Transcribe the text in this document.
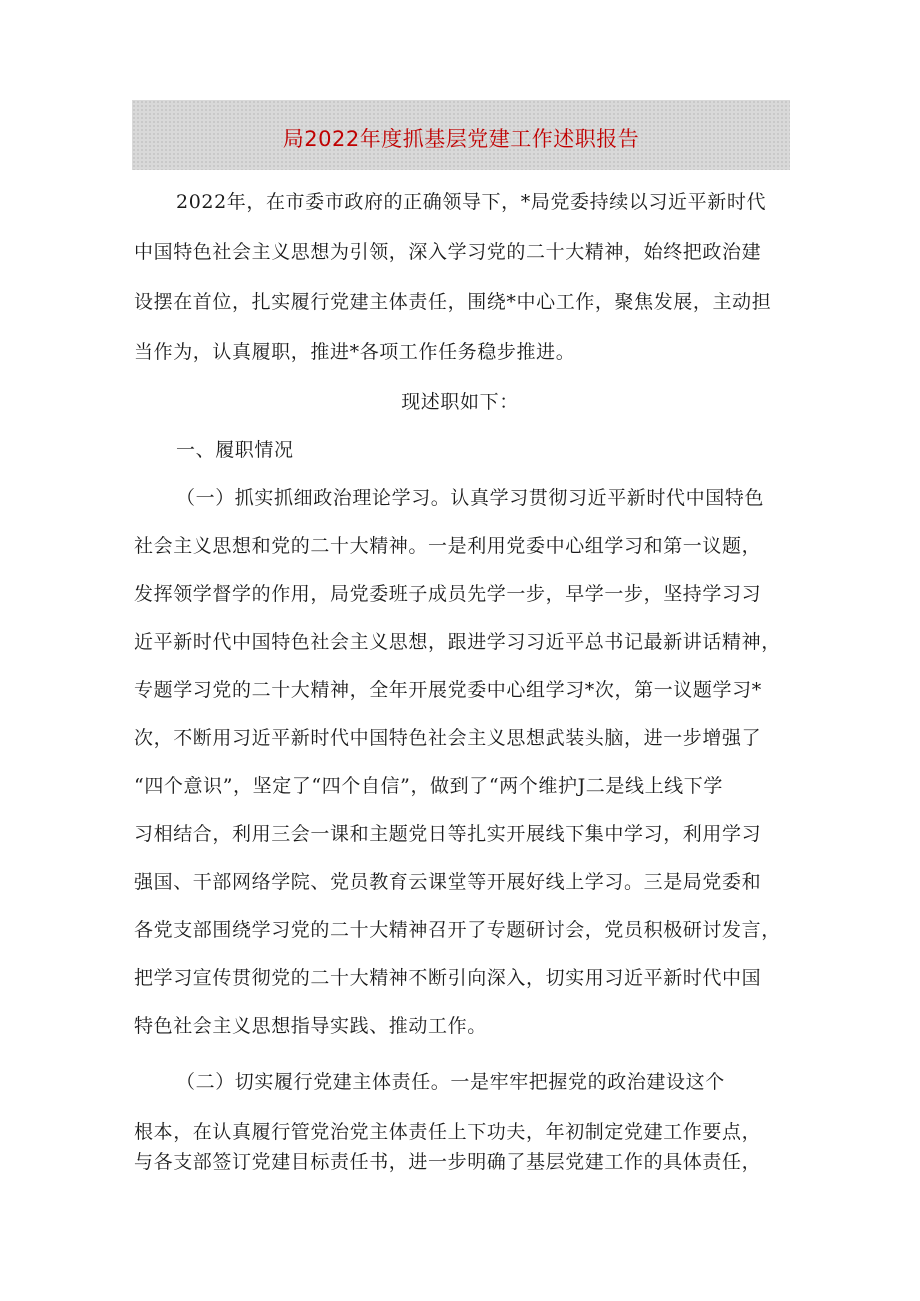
局2022年度抓基层党建工作述职报告
2022年，在市委市政府的正确领导下，*局党委持续以习近平新时代
中国特色社会主义思想为引领，深入学习党的二十大精神，始终把政治建
设摆在首位，扎实履行党建主体责任，围绕*中心工作，聚焦发展，主动担
当作为，认真履职，推进*各项工作任务稳步推进。
现述职如下：
一、履职情况
（一）抓实抓细政治理论学习。认真学习贯彻习近平新时代中国特色
社会主义思想和党的二十大精神。一是利用党委中心组学习和第一议题，
发挥领学督学的作用，局党委班子成员先学一步，早学一步，坚持学习习
近平新时代中国特色社会主义思想，跟进学习习近平总书记最新讲话精神，
专题学习党的二十大精神，全年开展党委中心组学习*次，第一议题学习*
次，不断用习近平新时代中国特色社会主义思想武装头脑，进一步增强了
“四个意识”，坚定了“四个自信”，做到了“两个维护J二是线上线下学
习相结合，利用三会一课和主题党日等扎实开展线下集中学习，利用学习
强国、干部网络学院、党员教育云课堂等开展好线上学习。三是局党委和
各党支部围绕学习党的二十大精神召开了专题研讨会，党员积极研讨发言，
把学习宣传贯彻党的二十大精神不断引向深入，切实用习近平新时代中国
特色社会主义思想指导实践、推动工作。
（二）切实履行党建主体责任。一是牢牢把握党的政治建设这个
根本，在认真履行管党治党主体责任上下功夫，年初制定党建工作要点，
与各支部签订党建目标责任书，进一步明确了基层党建工作的具体责任，
